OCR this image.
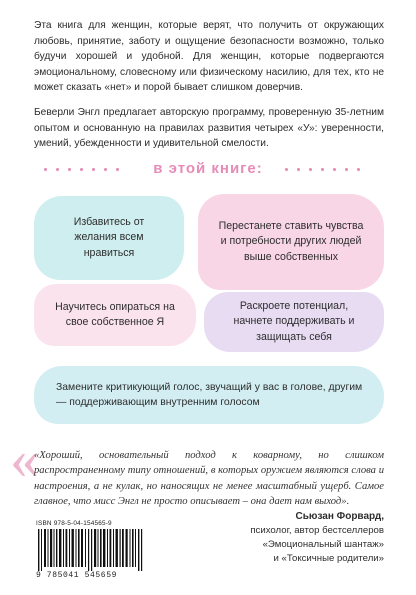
Эта книга для женщин, которые верят, что получить от окружающих любовь, принятие, заботу и ощущение безопасности возможно, только будучи хорошей и удобной. Для женщин, которые подвергаются эмоциональному, словесному или физическому насилию, для тех, кто не может сказать «нет» и порой бывает слишком доверчив.

Беверли Энгл предлагает авторскую программу, проверенную 35-летним опытом и основанную на правилах развития четырех «У»: уверенности, умений, убежденности и удивительной смелости.

в этой книге:
Избавитесь от желания всем нравиться
Перестанете ставить чувства и потребности других людей выше собственных
Научитесь опираться на свое собственное Я
Раскроете потенциал, начнете поддерживать и защищать себя
Замените критикующий голос, звучащий у вас в голове, другим — поддерживающим внутренним голосом
«
«Хороший, основательный подход к коварному, но слишком распространенному типу отношений, в которых оружием являются слова и настроения, а не кулак, но наносящих не менее масштабный ущерб. Самое главное, что мисс Энгл не просто описывает – она дает нам выход».
Сьюзан Форвард,
психолог, автор бестселлеров
«Эмоциональный шантаж»
и «Токсичные родители»
ISBN 978-5-04-154565-9
9 785041 545659
